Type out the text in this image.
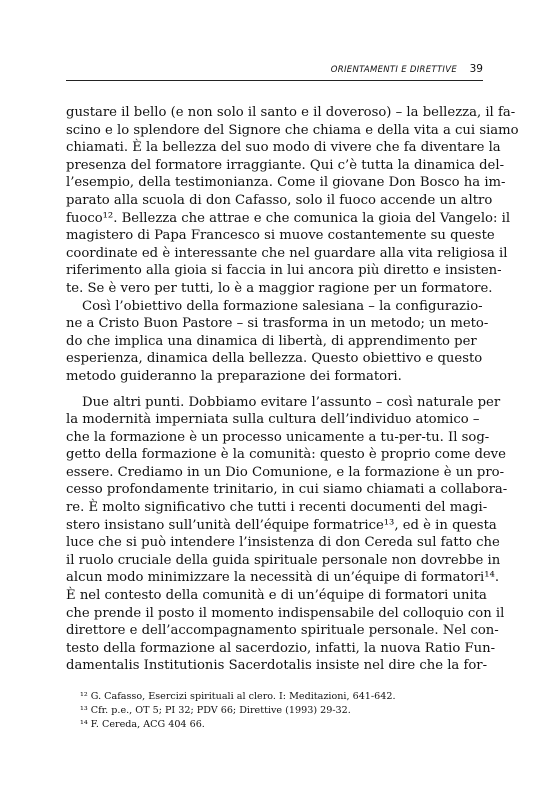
ORIENTAMENTI E DIRETTIVE 39
gustare il bello (e non solo il santo e il doveroso) – la bellezza, il fa-
scino e lo splendore del Signore che chiama e della vita a cui siamo
chiamati. È la bellezza del suo modo di vivere che fa diventare la
presenza del formatore irraggiante. Qui c’è tutta la dinamica del-
l’esempio, della testimonianza. Come il giovane Don Bosco ha im-
parato alla scuola di don Cafasso, solo il fuoco accende un altro
fuoco¹². Bellezza che attrae e che comunica la gioia del Vangelo: il
magistero di Papa Francesco si muove costantemente su queste
coordinate ed è interessante che nel guardare alla vita religiosa il
riferimento alla gioia si faccia in lui ancora più diretto e insisten-
te. Se è vero per tutti, lo è a maggior ragione per un formatore.
Così l’obiettivo della formazione salesiana – la configurazio-
ne a Cristo Buon Pastore – si trasforma in un metodo; un meto-
do che implica una dinamica di libertà, di apprendimento per
esperienza, dinamica della bellezza. Questo obiettivo e questo
metodo guideranno la preparazione dei formatori.
Due altri punti. Dobbiamo evitare l’assunto – così naturale per
la modernità imperniata sulla cultura dell’individuo atomico –
che la formazione è un processo unicamente a tu-per-tu. Il sog-
getto della formazione è la comunità: questo è proprio come deve
essere. Crediamo in un Dio Comunione, e la formazione è un pro-
cesso profondamente trinitario, in cui siamo chiamati a collabora-
re. È molto significativo che tutti i recenti documenti del magi-
stero insistano sull’unità dell’équipe formatrice¹³, ed è in questa
luce che si può intendere l’insistenza di don Cereda sul fatto che
il ruolo cruciale della guida spirituale personale non dovrebbe in
alcun modo minimizzare la necessità di un’équipe di formatori¹⁴.
È nel contesto della comunità e di un’équipe di formatori unita
che prende il posto il momento indispensabile del colloquio con il
direttore e dell’accompagnamento spirituale personale. Nel con-
testo della formazione al sacerdozio, infatti, la nuova Ratio Fun-
damentalis Institutionis Sacerdotalis insiste nel dire che la for-
¹² G. Cafasso, Esercizi spirituali al clero. I: Meditazioni, 641-642.
¹³ Cfr. p.e., OT 5; PI 32; PDV 66; Direttive (1993) 29-32.
¹⁴ F. Cereda, ACG 404 66.
